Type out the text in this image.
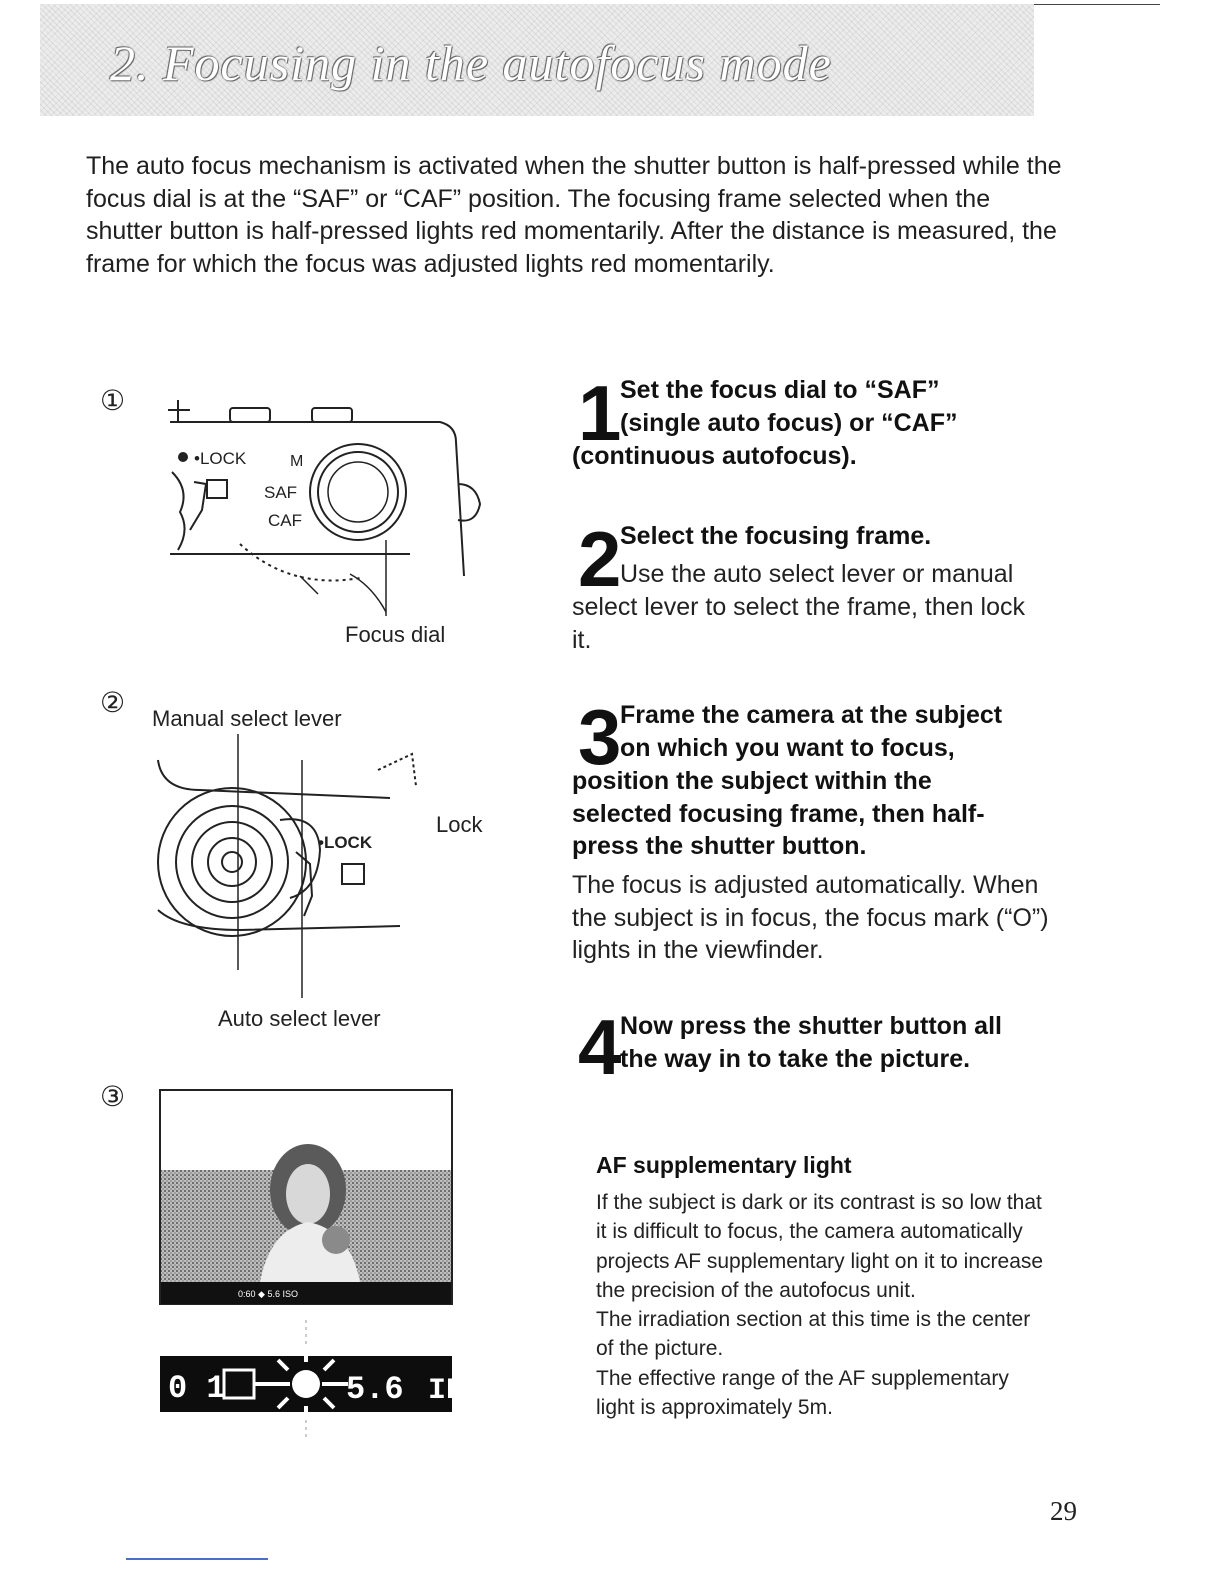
2. Focusing in the autofocus mode
The auto focus mechanism is activated when the shutter button is half-pressed while the focus dial is at the “SAF” or “CAF” position. The focusing frame selected when the shutter button is half-pressed lights red momentarily. After the distance is measured, the frame for which the focus was adjusted lights red momentarily.
①
•LOCK	M
SAF
CAF
Focus dial
② Manual select lever
Lock
•LOCK
Auto select lever
③
0:60 ◆ 5.6 ISO
0 1	5.6 IE
1
Set the focus dial to “SAF”
(single auto focus) or “CAF”
(continuous autofocus).
2
Select the focusing frame.
Use the auto select lever or manual
select lever to select the frame, then lock it.
3
Frame the camera at the subject
on which you want to focus,
position the subject within the selected focusing frame, then half-press the shutter button.
The focus is adjusted automatically. When the subject is in focus, the focus mark (“O”) lights in the viewfinder.
4
Now press the shutter button all
the way in to take the picture.
AF supplementary light
If the subject is dark or its contrast is so low that it is difficult to focus, the camera automatically projects AF supplementary light on it to increase the precision of the autofocus unit.
The irradiation section at this time is the center of the picture.
The effective range of the AF supplementary light is approximately 5m.
29
